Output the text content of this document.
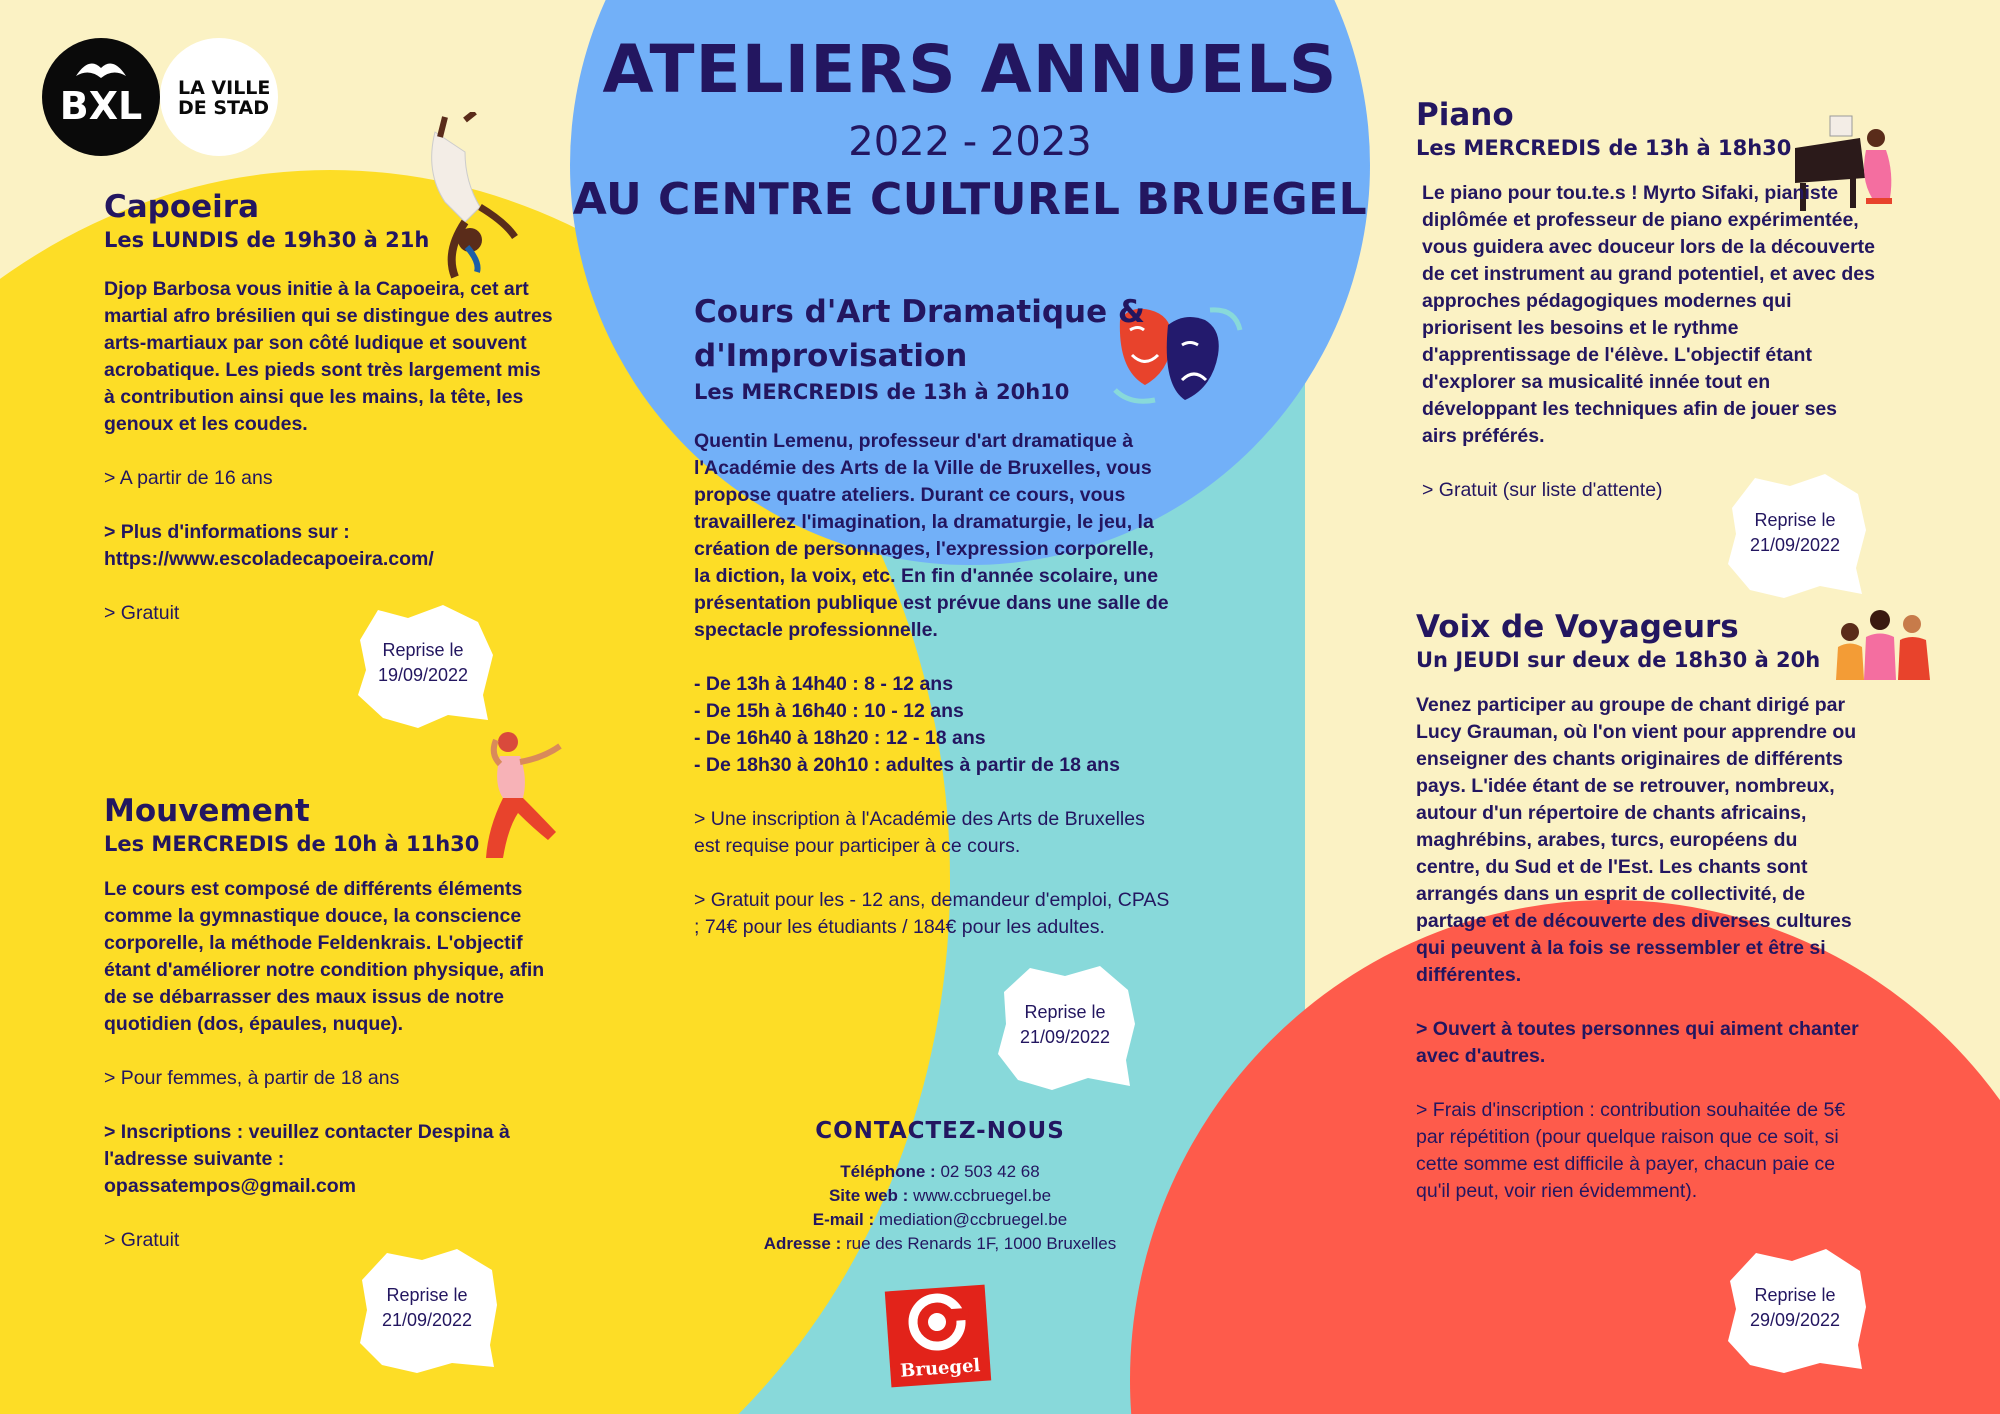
BXL	LA VILLE
DE STAD	ATELIERS ANNUELS
2022 - 2023
AU CENTRE CULTUREL BRUEGEL
Capoeira
Les LUNDIS de 19h30 à 21h
Djop Barbosa vous initie à la Capoeira, cet art martial afro brésilien qui se distingue des autres arts-martiaux par son côté ludique et souvent acrobatique. Les pieds sont très largement mis à contribution ainsi que les mains, la tête, les genoux et les coudes.
> A partir de 16 ans
> Plus d'informations sur :
https://www.escoladecapoeira.com/
> Gratuit
Reprise le
19/09/2022
Mouvement
Les MERCREDIS de 10h à 11h30
Le cours est composé de différents éléments comme la gymnastique douce, la conscience corporelle, la méthode Feldenkrais. L'objectif étant d'améliorer notre condition physique, afin de se débarrasser des maux issus de notre quotidien (dos, épaules, nuque).
> Pour femmes, à partir de 18 ans
> Inscriptions : veuillez contacter Despina à l'adresse suivante :
opassatempos@gmail.com
> Gratuit
Reprise le
21/09/2022
Cours d'Art Dramatique &
d'Improvisation
Les MERCREDIS de 13h à 20h10
Quentin Lemenu, professeur d'art dramatique à l'Académie des Arts de la Ville de Bruxelles, vous propose quatre ateliers. Durant ce cours, vous travaillerez l'imagination, la dramaturgie, le jeu, la création de personnages, l'expression corporelle, la diction, la voix, etc. En fin d'année scolaire, une présentation publique est prévue dans une salle de spectacle professionnelle.
- De 13h à 14h40 : 8 - 12 ans
- De 15h à 16h40 : 10 - 12 ans
- De 16h40 à 18h20 : 12 - 18 ans
- De 18h30 à 20h10 : adultes à partir de 18 ans
> Une inscription à l'Académie des Arts de Bruxelles est requise pour participer à ce cours.
> Gratuit pour les - 12 ans, demandeur d'emploi, CPAS ; 74€ pour les étudiants / 184€ pour les adultes.
Reprise le
21/09/2022
CONTACTEZ-NOUS
Téléphone : 02 503 42 68
Site web : www.ccbruegel.be
E-mail : mediation@ccbruegel.be
Adresse : rue des Renards 1F, 1000 Bruxelles
Bruegel
Piano
Les MERCREDIS de 13h à 18h30
Le piano pour tou.te.s ! Myrto Sifaki, pianiste diplômée et professeur de piano expérimentée, vous guidera avec douceur lors de la découverte de cet instrument au grand potentiel, et avec des approches pédagogiques modernes qui priorisent les besoins et le rythme d'apprentissage de l'élève. L'objectif étant d'explorer sa musicalité innée tout en développant les techniques afin de jouer ses airs préférés.
> Gratuit (sur liste d'attente)
Reprise le
21/09/2022
Voix de Voyageurs
Un JEUDI sur deux de 18h30 à 20h
Venez participer au groupe de chant dirigé par Lucy Grauman, où l'on vient pour apprendre ou enseigner des chants originaires de différents pays. L'idée étant de se retrouver, nombreux, autour d'un répertoire de chants africains, maghrébins, arabes, turcs, européens du centre, du Sud et de l'Est. Les chants sont arrangés dans un esprit de collectivité, de partage et de découverte des diverses cultures qui peuvent à la fois se ressembler et être si différentes.
> Ouvert à toutes personnes qui aiment chanter avec d'autres.
> Frais d'inscription : contribution souhaitée de 5€ par répétition (pour quelque raison que ce soit, si cette somme est difficile à payer, chacun paie ce qu'il peut, voir rien évidemment).
Reprise le
29/09/2022
